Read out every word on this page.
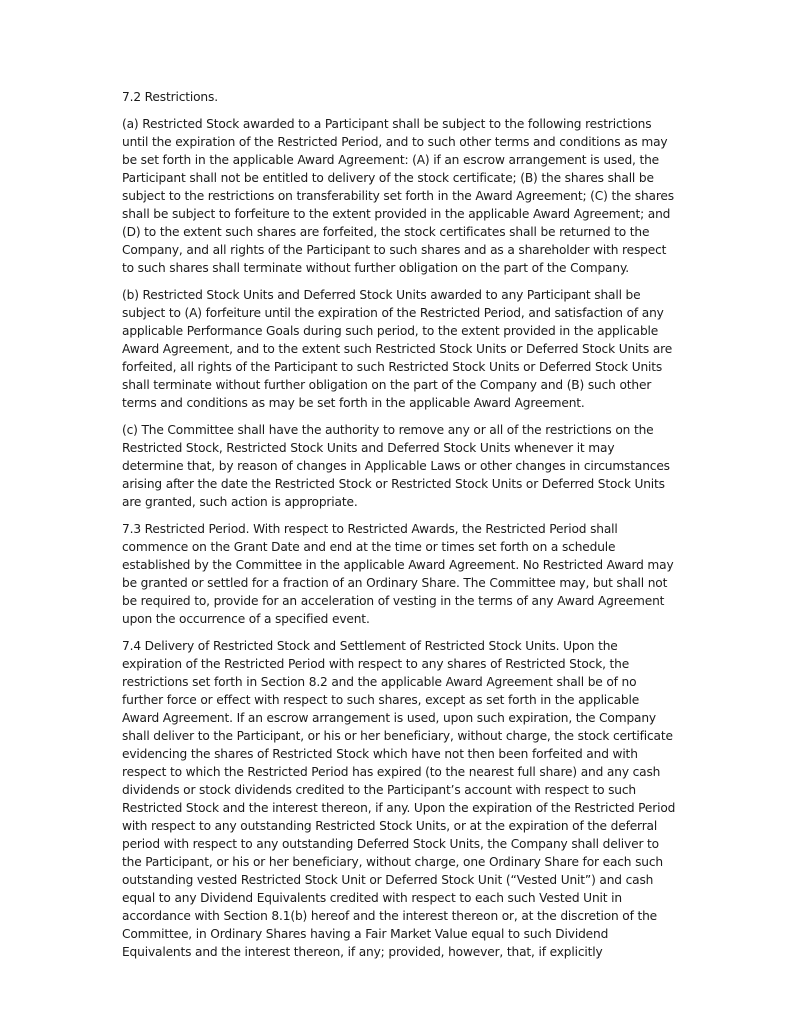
7.2 Restrictions.

(a) Restricted Stock awarded to a Participant shall be subject to the following restrictions until the expiration of the Restricted Period, and to such other terms and conditions as may be set forth in the applicable Award Agreement: (A) if an escrow arrangement is used, the Participant shall not be entitled to delivery of the stock certificate; (B) the shares shall be subject to the restrictions on transferability set forth in the Award Agreement; (C) the shares shall be subject to forfeiture to the extent provided in the applicable Award Agreement; and (D) to the extent such shares are forfeited, the stock certificates shall be returned to the Company, and all rights of the Participant to such shares and as a shareholder with respect to such shares shall terminate without further obligation on the part of the Company.

(b) Restricted Stock Units and Deferred Stock Units awarded to any Participant shall be subject to (A) forfeiture until the expiration of the Restricted Period, and satisfaction of any applicable Performance Goals during such period, to the extent provided in the applicable Award Agreement, and to the extent such Restricted Stock Units or Deferred Stock Units are forfeited, all rights of the Participant to such Restricted Stock Units or Deferred Stock Units shall terminate without further obligation on the part of the Company and (B) such other terms and conditions as may be set forth in the applicable Award Agreement.

(c) The Committee shall have the authority to remove any or all of the restrictions on the Restricted Stock, Restricted Stock Units and Deferred Stock Units whenever it may determine that, by reason of changes in Applicable Laws or other changes in circumstances arising after the date the Restricted Stock or Restricted Stock Units or Deferred Stock Units are granted, such action is appropriate.

7.3 Restricted Period. With respect to Restricted Awards, the Restricted Period shall commence on the Grant Date and end at the time or times set forth on a schedule established by the Committee in the applicable Award Agreement. No Restricted Award may be granted or settled for a fraction of an Ordinary Share. The Committee may, but shall not be required to, provide for an acceleration of vesting in the terms of any Award Agreement upon the occurrence of a specified event.

7.4 Delivery of Restricted Stock and Settlement of Restricted Stock Units. Upon the expiration of the Restricted Period with respect to any shares of Restricted Stock, the restrictions set forth in Section 8.2 and the applicable Award Agreement shall be of no further force or effect with respect to such shares, except as set forth in the applicable Award Agreement. If an escrow arrangement is used, upon such expiration, the Company shall deliver to the Participant, or his or her beneficiary, without charge, the stock certificate evidencing the shares of Restricted Stock which have not then been forfeited and with respect to which the Restricted Period has expired (to the nearest full share) and any cash dividends or stock dividends credited to the Participant’s account with respect to such Restricted Stock and the interest thereon, if any. Upon the expiration of the Restricted Period with respect to any outstanding Restricted Stock Units, or at the expiration of the deferral period with respect to any outstanding Deferred Stock Units, the Company shall deliver to the Participant, or his or her beneficiary, without charge, one Ordinary Share for each such outstanding vested Restricted Stock Unit or Deferred Stock Unit (“Vested Unit”) and cash equal to any Dividend Equivalents credited with respect to each such Vested Unit in accordance with Section 8.1(b) hereof and the interest thereon or, at the discretion of the Committee, in Ordinary Shares having a Fair Market Value equal to such Dividend Equivalents and the interest thereon, if any; provided, however, that, if explicitly
